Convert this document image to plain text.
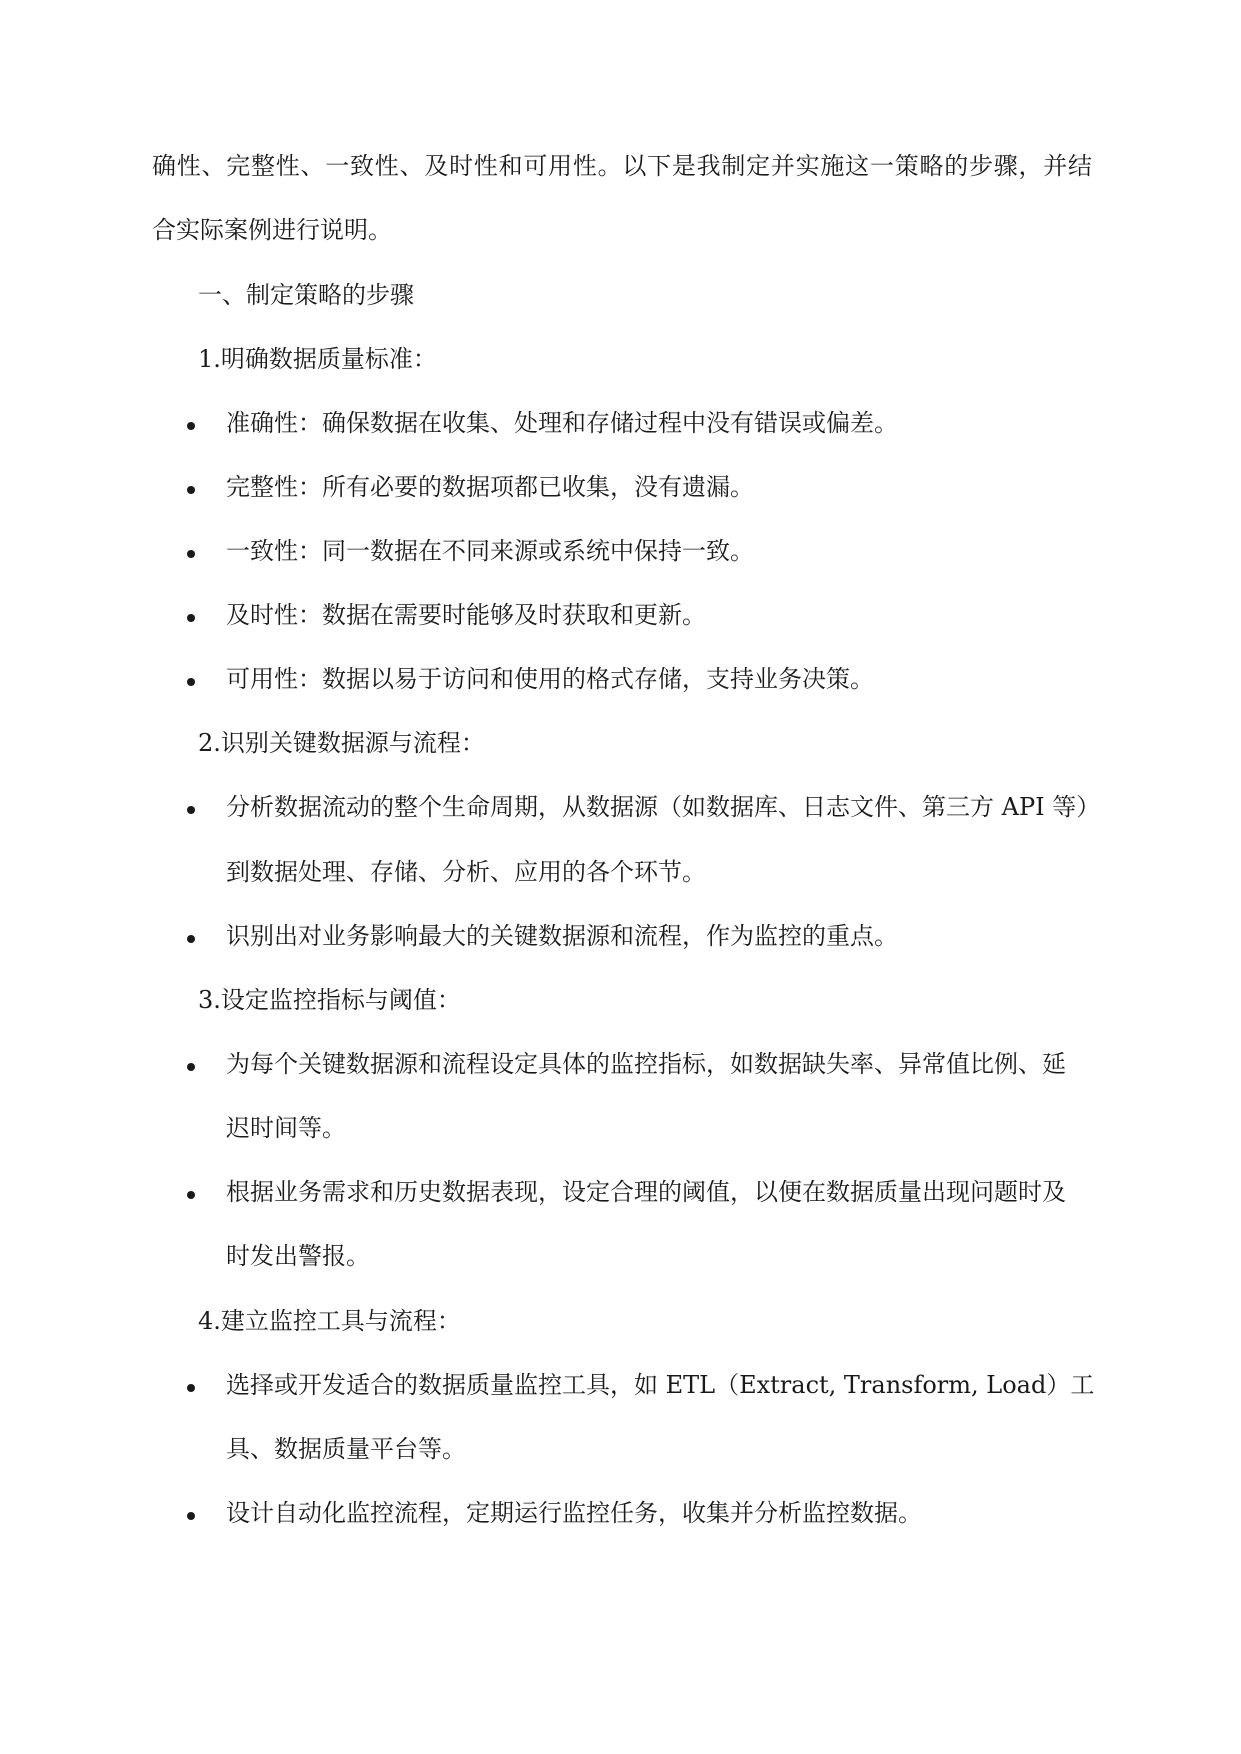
确性、完整性、一致性、及时性和可用性。以下是我制定并实施这一策略的步骤，并结
合实际案例进行说明。
一、制定策略的步骤
1.明确数据质量标准：
准确性：确保数据在收集、处理和存储过程中没有错误或偏差。
完整性：所有必要的数据项都已收集，没有遗漏。
一致性：同一数据在不同来源或系统中保持一致。
及时性：数据在需要时能够及时获取和更新。
可用性：数据以易于访问和使用的格式存储，支持业务决策。
2.识别关键数据源与流程：
分析数据流动的整个生命周期，从数据源（如数据库、日志文件、第三方 API 等）
到数据处理、存储、分析、应用的各个环节。
识别出对业务影响最大的关键数据源和流程，作为监控的重点。
3.设定监控指标与阈值：
为每个关键数据源和流程设定具体的监控指标，如数据缺失率、异常值比例、延
迟时间等。
根据业务需求和历史数据表现，设定合理的阈值，以便在数据质量出现问题时及
时发出警报。
4.建立监控工具与流程：
选择或开发适合的数据质量监控工具，如 ETL（Extract, Transform, Load）工
具、数据质量平台等。
设计自动化监控流程，定期运行监控任务，收集并分析监控数据。
